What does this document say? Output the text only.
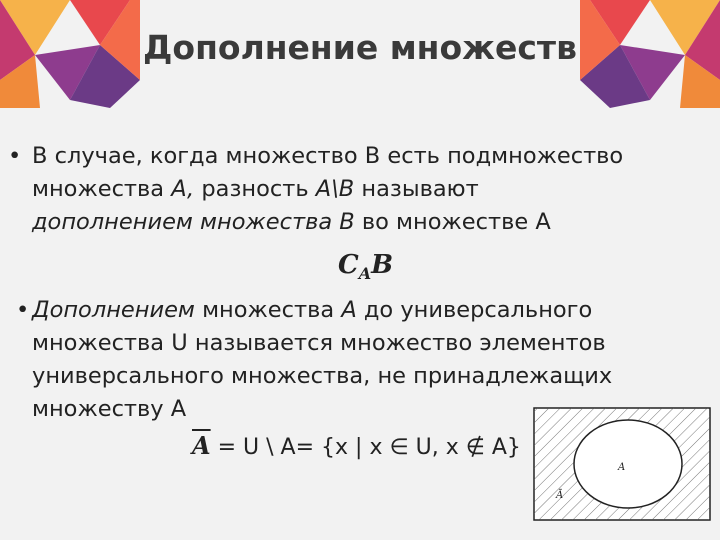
Дополнение множеств
• В случае, когда множество B есть подмножество
множества A, разность A\B называют
дополнением множества B во множестве A
$C_AB$
• Дополнением множества A до универсального
множества U называется множество элементов
универсального множества, не принадлежащих
множеству A
$\overline{A} = U$ \ A= {x | x ∈ U, x ∉ A}
A
Ā
